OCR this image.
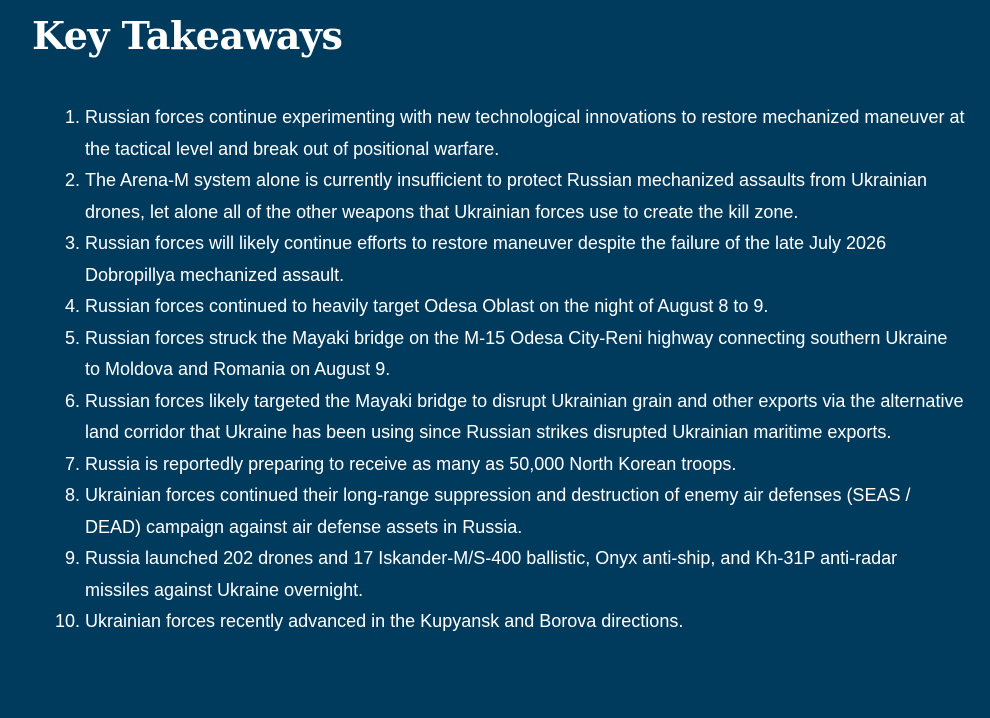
Key Takeaways
1. Russian forces continue experimenting with new technological innovations to restore mechanized maneuver at the tactical level and break out of positional warfare.
2. The Arena-M system alone is currently insufficient to protect Russian mechanized assaults from Ukrainian drones, let alone all of the other weapons that Ukrainian forces use to create the kill zone.
3. Russian forces will likely continue efforts to restore maneuver despite the failure of the late July 2026 Dobropillya mechanized assault.
4. Russian forces continued to heavily target Odesa Oblast on the night of August 8 to 9.
5. Russian forces struck the Mayaki bridge on the M-15 Odesa City-Reni highway connecting southern Ukraine to Moldova and Romania on August 9.
6. Russian forces likely targeted the Mayaki bridge to disrupt Ukrainian grain and other exports via the alternative land corridor that Ukraine has been using since Russian strikes disrupted Ukrainian maritime exports.
7. Russia is reportedly preparing to receive as many as 50,000 North Korean troops.
8. Ukrainian forces continued their long-range suppression and destruction of enemy air defenses (SEAS / DEAD) campaign against air defense assets in Russia.
9. Russia launched 202 drones and 17 Iskander-M/S-400 ballistic, Onyx anti-ship, and Kh-31P anti-radar missiles against Ukraine overnight.
10. Ukrainian forces recently advanced in the Kupyansk and Borova directions.
